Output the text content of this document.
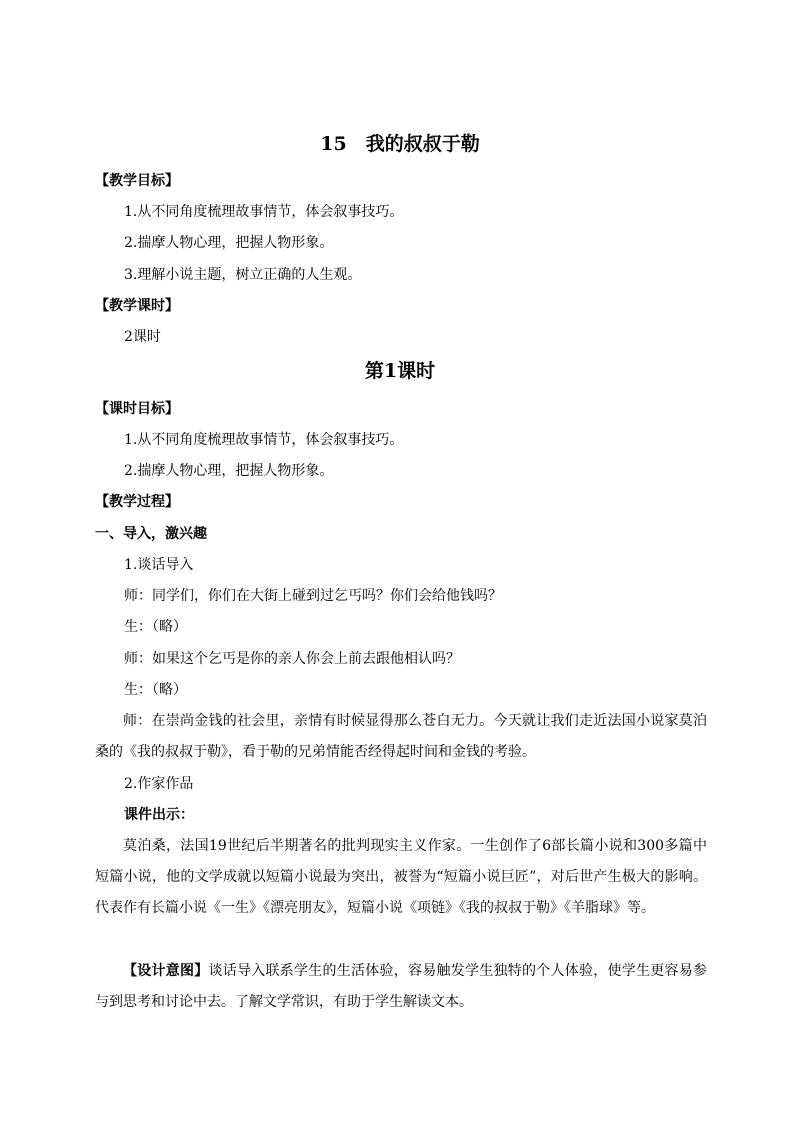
15　我的叔叔于勒
【教学目标】
1.从不同角度梳理故事情节，体会叙事技巧。
2.揣摩人物心理，把握人物形象。
3.理解小说主题，树立正确的人生观。
【教学课时】
2课时
第1课时
【课时目标】
1.从不同角度梳理故事情节，体会叙事技巧。
2.揣摩人物心理，把握人物形象。
【教学过程】
一、导入，激兴趣
1.谈话导入
师：同学们，你们在大街上碰到过乞丐吗？你们会给他钱吗？
生：（略）
师：如果这个乞丐是你的亲人你会上前去跟他相认吗？
生：（略）
师：在崇尚金钱的社会里，亲情有时候显得那么苍白无力。今天就让我们走近法国小说家莫泊桑的《我的叔叔于勒》，看于勒的兄弟情能否经得起时间和金钱的考验。
2.作家作品
课件出示：
莫泊桑，法国19世纪后半期著名的批判现实主义作家。一生创作了6部长篇小说和300多篇中短篇小说，他的文学成就以短篇小说最为突出，被誉为“短篇小说巨匠”，对后世产生极大的影响。代表作有长篇小说《一生》《漂亮朋友》，短篇小说《项链》《我的叔叔于勒》《羊脂球》等。
【设计意图】谈话导入联系学生的生活体验，容易触发学生独特的个人体验，使学生更容易参与到思考和讨论中去。了解文学常识，有助于学生解读文本。
